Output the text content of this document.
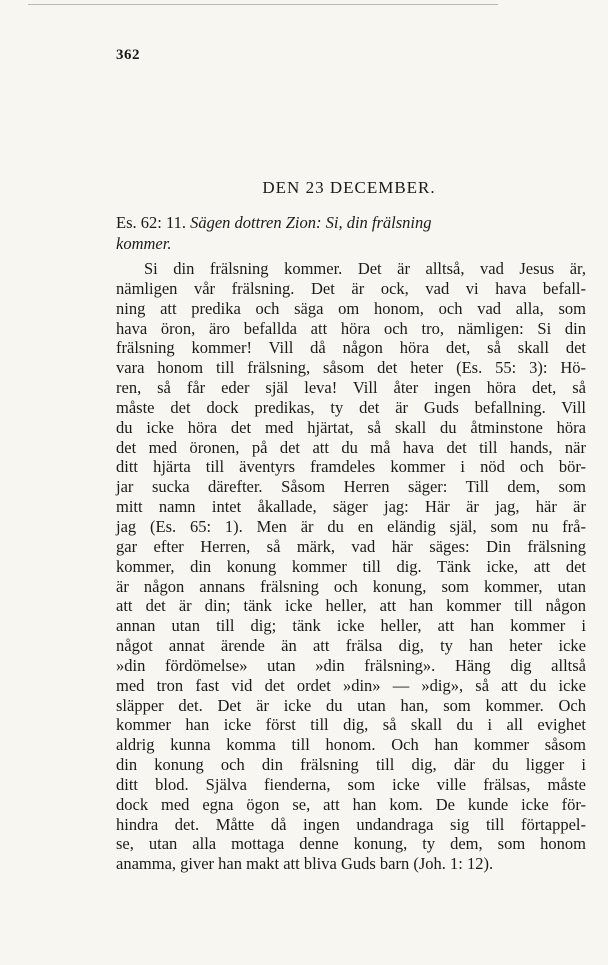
362
DEN 23 DECEMBER.
Es. 62: 11. Sägen dottren Zion: Si, din frälsning
kommer.
Si din frälsning kommer. Det är alltså, vad Jesus är,
nämligen vår frälsning. Det är ock, vad vi hava befall-
ning att predika och säga om honom, och vad alla, som
hava öron, äro befallda att höra och tro, nämligen: Si din
frälsning kommer! Vill då någon höra det, så skall det
vara honom till frälsning, såsom det heter (Es. 55: 3): Hö-
ren, så får eder själ leva! Vill åter ingen höra det, så
måste det dock predikas, ty det är Guds befallning. Vill
du icke höra det med hjärtat, så skall du åtminstone höra
det med öronen, på det att du må hava det till hands, när
ditt hjärta till äventyrs framdeles kommer i nöd och bör-
jar sucka därefter. Såsom Herren säger: Till dem, som
mitt namn intet åkallade, säger jag: Här är jag, här är
jag (Es. 65: 1). Men är du en eländig själ, som nu frå-
gar efter Herren, så märk, vad här säges: Din frälsning
kommer, din konung kommer till dig. Tänk icke, att det
är någon annans frälsning och konung, som kommer, utan
att det är din; tänk icke heller, att han kommer till någon
annan utan till dig; tänk icke heller, att han kommer i
något annat ärende än att frälsa dig, ty han heter icke
»din fördömelse» utan »din frälsning». Häng dig alltså
med tron fast vid det ordet »din» — »dig», så att du icke
släpper det. Det är icke du utan han, som kommer. Och
kommer han icke först till dig, så skall du i all evighet
aldrig kunna komma till honom. Och han kommer såsom
din konung och din frälsning till dig, där du ligger i
ditt blod. Själva fienderna, som icke ville frälsas, måste
dock med egna ögon se, att han kom. De kunde icke för-
hindra det. Måtte då ingen undandraga sig till förtappel-
se, utan alla mottaga denne konung, ty dem, som honom
anamma, giver han makt att bliva Guds barn (Joh. 1: 12).
